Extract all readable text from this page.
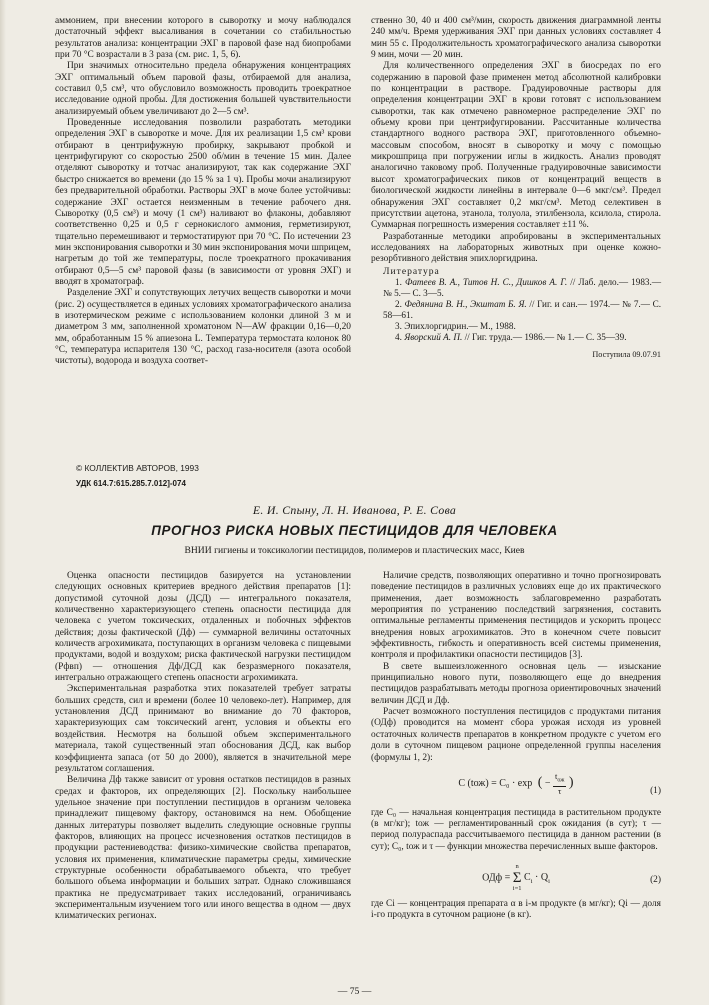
аммонием, при внесении которого в сыворотку и мочу наблюдался достаточный эффект высаливания в сочетании со стабильностью результатов анализа: концентрации ЭХГ в паровой фазе над биопробами при 70 °С возрастали в 3 раза (см. рис. 1, 5, 6).

При значимых относительно предела обнаружения концентрациях ЭХГ оптимальный объем паровой фазы, отбираемой для анализа, составил 0,5 см³, что обусловило возможность проводить троекратное исследование одной пробы. Для достижения большей чувствительности анализируемый объем увеличивают до 2—5 см³.

Проведенные исследования позволили разработать методики определения ЭХГ в сыворотке и моче. Для их реализации 1,5 см³ крови отбирают в центрифужную пробирку, закрывают пробкой и центрифугируют со скоростью 2500 об/мин в течение 15 мин. Далее отделяют сыворотку и тотчас анализируют, так как содержание ЭХГ быстро снижается во времени (до 15 % за 1 ч). Пробы мочи анализируют без предварительной обработки. Растворы ЭХГ в моче более устойчивы: содержание ЭХГ остается неизменным в течение рабочего дня. Сыворотку (0,5 см³) и мочу (1 см³) наливают во флаконы, добавляют соответственно 0,25 и 0,5 г сернокислого аммония, герметизируют, тщательно перемешивают и термостатируют при 70 °С. По истечении 23 мин экспонирования сыворотки и 30 мин экспонирования мочи шприцем, нагретым до той же температуры, после троекратного прокачивания отбирают 0,5—5 см³ паровой фазы (в зависимости от уровня ЭХГ) и вводят в хроматограф.

Разделение ЭХГ и сопутствующих летучих веществ сыворотки и мочи (рис. 2) осуществляется в единых условиях хроматографического анализа в изотермическом режиме с использованием колонки длиной 3 м и диаметром 3 мм, заполненной хроматоном N—AW фракции 0,16—0,20 мм, обработанным 15 % апиезона L. Температура термостата колонок 80 °С, температура испарителя 130 °С, расход газа-носителя (азота особой чистоты), водорода и воздуха соответ-

ственно 30, 40 и 400 см³/мин, скорость движения диаграммной ленты 240 мм/ч. Время удерживания ЭХГ при данных условиях составляет 4 мин 55 с. Продолжительность хроматографического анализа сыворотки 9 мин, мочи — 20 мин.

Для количественного определения ЭХГ в биосредах по его содержанию в паровой фазе применен метод абсолютной калибровки по концентрации в растворе. Градуировочные растворы для определения концентрации ЭХГ в крови готовят с использованием сыворотки, так как отмечено равномерное распределение ЭХГ по объему крови при центрифугировании. Рассчитанные количества стандартного водного раствора ЭХГ, приготовленного объемно-массовым способом, вносят в сыворотку и мочу с помощью микрошприца при погружении иглы в жидкость. Анализ проводят аналогично таковому проб. Полученные градуировочные зависимости высот хроматографических пиков от концентраций веществ в биологической жидкости линейны в интервале 0—6 мкг/см³. Предел обнаружения ЭХГ составляет 0,2 мкг/см³. Метод селективен в присутствии ацетона, этанола, толуола, этилбензола, ксилола, стирола. Суммарная погрешность измерения составляет ±11 %.

Разработанные методики апробированы в экспериментальных исследованиях на лабораторных животных при оценке кожно-резорбтивного действия эпихлоргидрина.

Литература

1. Фатеев В. А., Титов Н. С., Дишков А. Г. // Лаб. дело.— 1983.— № 5.— С. 3—5.

2. Федянина В. Н., Экштат Б. Я. // Гиг. и сан.— 1974.— № 7.— С. 58—61.

3. Эпихлоргидрин.— М., 1988.

4. Яворский А. П. // Гиг. труда.— 1986.— № 1.— С. 35—39.

Поступила 09.07.91
© КОЛЛЕКТИВ АВТОРОВ, 1993
УДК 614.7:615.285.7.012]-074
Е. И. Спыну, Л. Н. Иванова, Р. Е. Сова
ПРОГНОЗ РИСКА НОВЫХ ПЕСТИЦИДОВ ДЛЯ ЧЕЛОВЕКА
ВНИИ гигиены и токсикологии пестицидов, полимеров и пластических масс, Киев

Оценка опасности пестицидов базируется на установлении следующих основных критериев вредного действия препаратов [1]: допустимой суточной дозы (ДСД) — интегрального показателя, количественно характеризующего степень опасности пестицида для человека с учетом токсических, отдаленных и побочных эффектов действия; дозы фактической (Дф) — суммарной величины остаточных количеств агрохимиката, поступающих в организм человека с пищевыми продуктами, водой и воздухом; риска фактической нагрузки пестицидом (Рфвп) — отношения Дф/ДСД как безразмерного показателя, интегрально отражающего степень опасности агрохимиката.

Экспериментальная разработка этих показателей требует затраты больших средств, сил и времени (более 10 человеко-лет). Например, для установления ДСД принимают во внимание до 70 факторов, характеризующих сам токсический агент, условия и объекты его воздействия. Несмотря на большой объем экспериментального материала, такой существенный этап обоснования ДСД, как выбор коэффициента запаса (от 50 до 2000), является в значительной мере результатом соглашения.

Величина Дф также зависит от уровня остатков пестицидов в разных средах и факторов, их определяющих [2]. Поскольку наибольшее удельное значение при поступлении пестицидов в организм человека принадлежит пищевому фактору, остановимся на нем. Обобщение данных литературы позволяет выделить следующие основные группы факторов, влияющих на процесс исчезновения остатков пестицидов в продукции растениеводства: физико-химические свойства препаратов, условия их применения, климатические параметры среды, химические структурные особенности обрабатываемого объекта, что требует большого объема информации и больших затрат. Однако сложившаяся практика не предусматривает таких исследований, ограничиваясь экспериментальным изучением того или иного вещества в одном — двух климатических регионах.

Наличие средств, позволяющих оперативно и точно прогнозировать поведение пестицидов в различных условиях еще до их практического применения, дает возможность заблаговременно разработать мероприятия по устранению последствий загрязнения, составить оптимальные регламенты применения пестицидов и ускорить процесс внедрения новых агрохимикатов. Это в конечном счете повысит эффективность, гибкость и оперативность всей системы применения, контроля и профилактики опасности пестицидов [3].

В свете вышеизложенного основная цель — изыскание принципиально нового пути, позволяющего еще до внедрения пестицидов разрабатывать методы прогноза ориентировочных значений величин ДСД и Дф.

Расчет возможного поступления пестицидов с продуктами питания (ОДф) проводится на момент сбора урожая исходя из уровней остаточных количеств препаратов в конкретном продукте с учетом его доли в суточном пищевом рационе определенной группы населения (формулы 1, 2):

C (tож) = C₀ · exp ( −
$t_{ож}$
τ
)
(1)

где C₀ — начальная концентрация пестицида в растительном продукте (в мг/кг); tож — регламентированный срок ожидания (в сут); τ — период полураспада рассчитываемого пестицида в данном растении (в сут); C₀, tож и τ — функции множества перечисленных выше факторов.

ОДф =
n
Σ
i=1
$C_i \cdot Q_i$	(2)

где Ci — концентрация препарата α в i-м продукте (в мг/кг); Qi — доля i-го продукта в суточном рационе (в кг).

— 75 —
